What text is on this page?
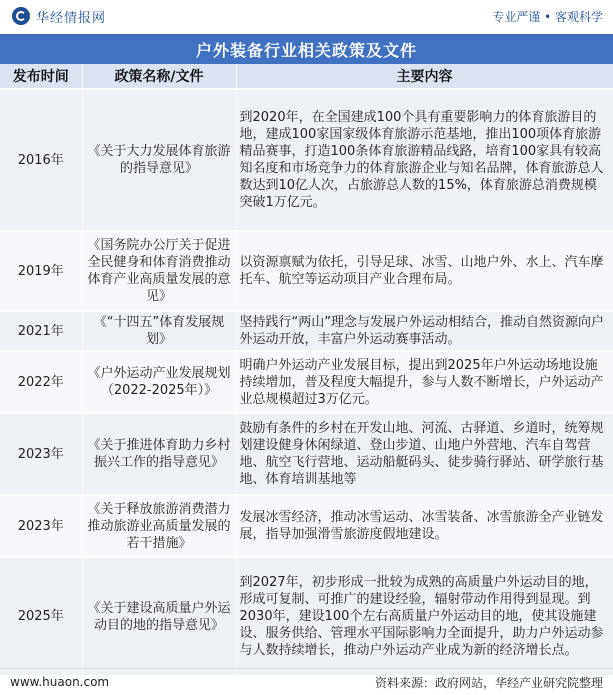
华经情报网	专业严谨 • 客观科学
户外装备行业相关政策及文件
发布时间	政策名称/文件	主要内容
2016年	《关于大力发展体育旅游的指导意见》	到2020年，在全国建成100个具有重要影响力的体育旅游目的地，建成100家国家级体育旅游示范基地，推出100项体育旅游精品赛事，打造100条体育旅游精品线路，培育100家具有较高知名度和市场竞争力的体育旅游企业与知名品牌，体育旅游总人数达到10亿人次，占旅游总人数的15%，体育旅游总消费规模突破1万亿元。
2019年	《国务院办公厅关于促进全民健身和体育消费推动体育产业高质量发展的意见》	以资源禀赋为依托，引导足球、冰雪、山地户外、水上、汽车摩托车、航空等运动项目产业合理布局。
2021年	《“十四五”体育发展规划》	坚持践行“两山”理念与发展户外运动相结合，推动自然资源向户外运动开放，丰富户外运动赛事活动。
2022年	《户外运动产业发展规划（2022-2025年）》	明确户外运动产业发展目标，提出到2025年户外运动场地设施持续增加，普及程度大幅提升，参与人数不断增长，户外运动产业总规模超过3万亿元。
2023年	《关于推进体育助力乡村振兴工作的指导意见》	鼓励有条件的乡村在开发山地、河流、古驿道、乡道时，统筹规划建设健身休闲绿道、登山步道、山地户外营地、汽车自驾营地、航空飞行营地、运动船艇码头、徒步骑行驿站、研学旅行基地、体育培训基地等
2023年	《关于释放旅游消费潜力推动旅游业高质量发展的若干措施》	发展冰雪经济，推动冰雪运动、冰雪装备、冰雪旅游全产业链发展，指导加强滑雪旅游度假地建设。
2025年	《关于建设高质量户外运动目的地的指导意见》	到2027年，初步形成一批较为成熟的高质量户外运动目的地，形成可复制、可推广的建设经验，辐射带动作用得到显现。到2030年，建设100个左右高质量户外运动目的地，使其设施建设、服务供给、管理水平国际影响力全面提升，助力户外运动参与人数持续增长，推动户外运动产业成为新的经济增长点。
www.huaon.com	资料来源：政府网站，华经产业研究院整理
